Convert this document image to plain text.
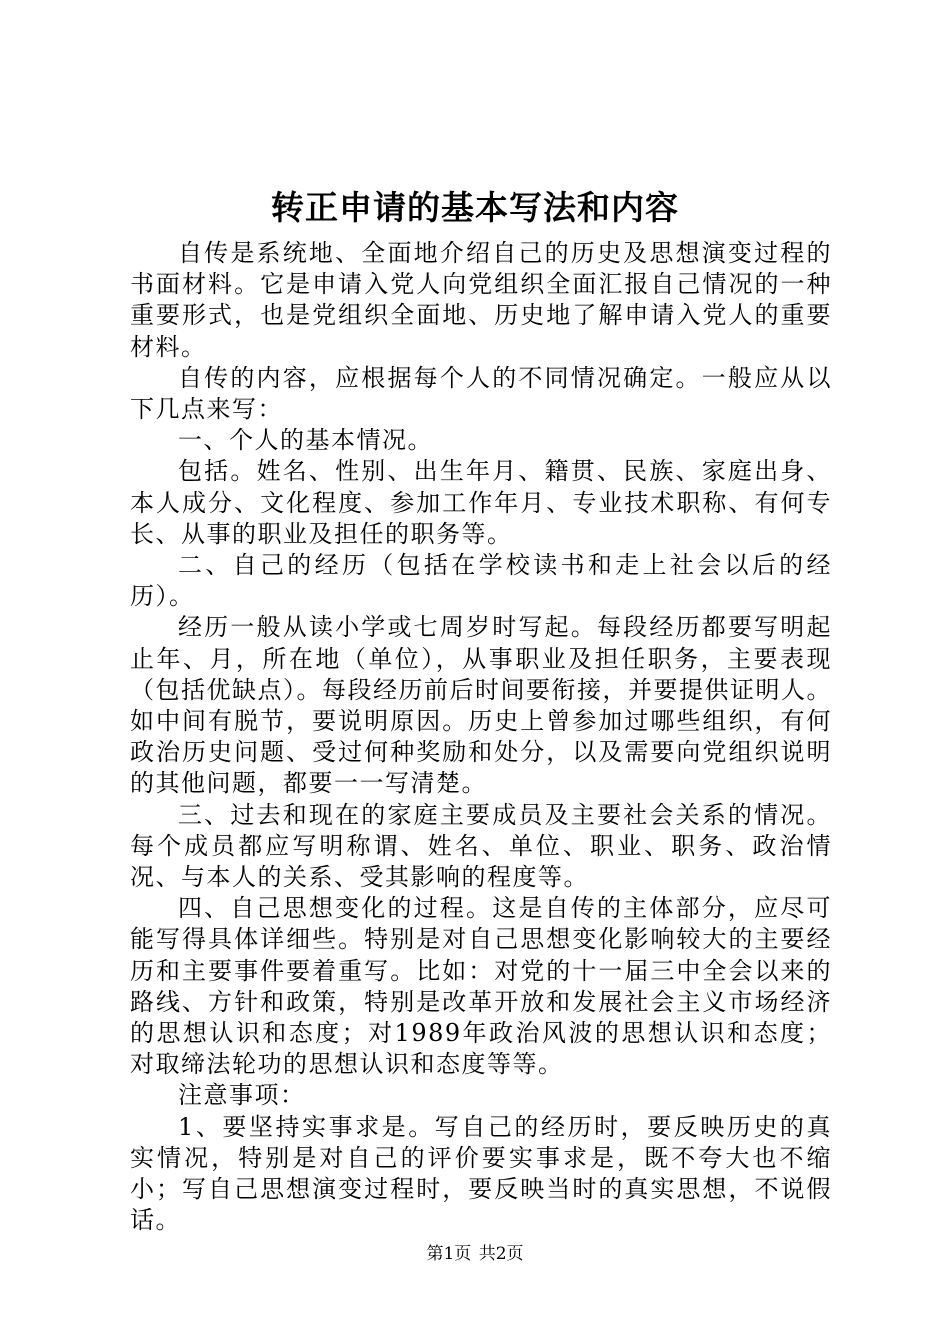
转正申请的基本写法和内容

自传是系统地、全面地介绍自己的历史及思想演变过程的书面材料。它是申请入党人向党组织全面汇报自己情况的一种重要形式，也是党组织全面地、历史地了解申请入党人的重要材料。

自传的内容，应根据每个人的不同情况确定。一般应从以下几点来写：

一、个人的基本情况。

包括。姓名、性别、出生年月、籍贯、民族、家庭出身、本人成分、文化程度、参加工作年月、专业技术职称、有何专长、从事的职业及担任的职务等。

二、自己的经历（包括在学校读书和走上社会以后的经历）。

经历一般从读小学或七周岁时写起。每段经历都要写明起止年、月，所在地（单位），从事职业及担任职务，主要表现（包括优缺点）。每段经历前后时间要衔接，并要提供证明人。如中间有脱节，要说明原因。历史上曾参加过哪些组织，有何政治历史问题、受过何种奖励和处分，以及需要向党组织说明的其他问题，都要一一写清楚。

三、过去和现在的家庭主要成员及主要社会关系的情况。每个成员都应写明称谓、姓名、单位、职业、职务、政治情况、与本人的关系、受其影响的程度等。

四、自己思想变化的过程。这是自传的主体部分，应尽可能写得具体详细些。特别是对自己思想变化影响较大的主要经历和主要事件要着重写。比如：对党的十一届三中全会以来的路线、方针和政策，特别是改革开放和发展社会主义市场经济的思想认识和态度；对1989年政治风波的思想认识和态度；对取缔法轮功的思想认识和态度等等。

注意事项：

1、要坚持实事求是。写自己的经历时，要反映历史的真实情况，特别是对自己的评价要实事求是，既不夸大也不缩小；写自己思想演变过程时，要反映当时的真实思想，不说假话。

第1页 共2页
